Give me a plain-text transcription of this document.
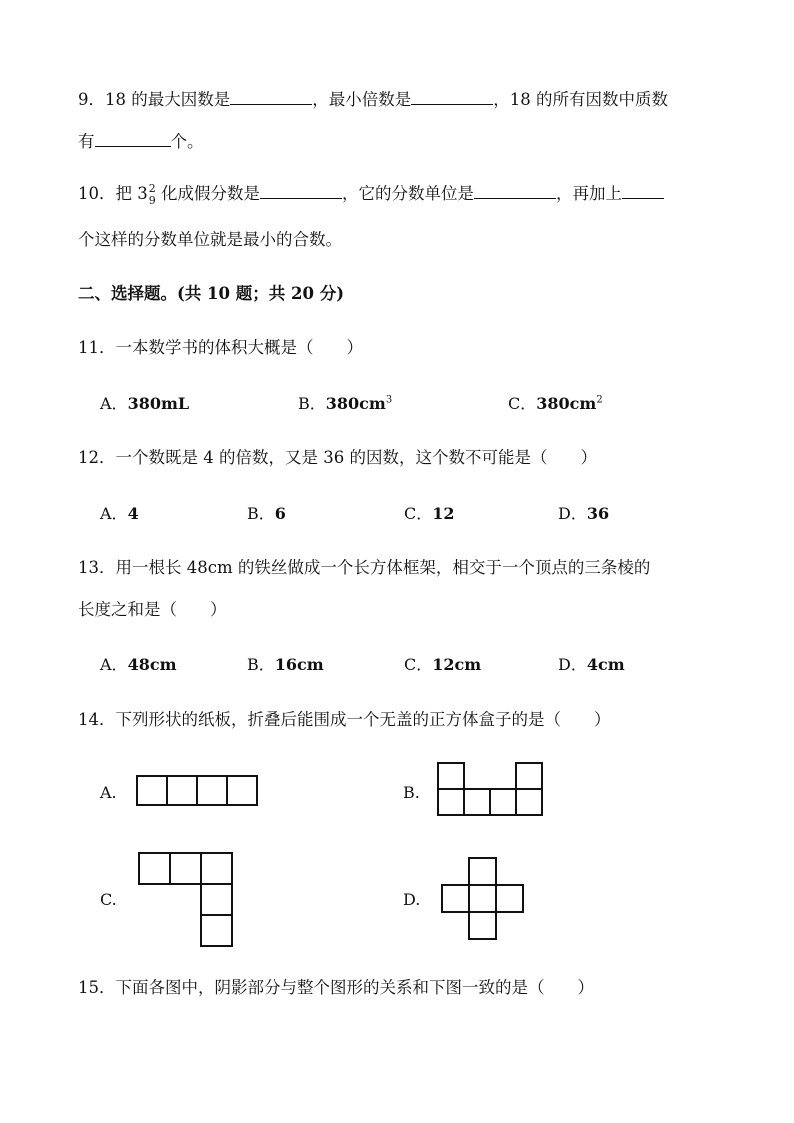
9．18 的最大因数是	，最小倍数是	，18 的所有因数中质数
有	个。
10．把 3 2
9 化成假分数是	，它的分数单位是	，再加上
个这样的分数单位就是最小的合数。
二、选择题。(共 10 题；共 20 分)
11．一本数学书的体积大概是（　　）
A．380mL	B．$380cm^3$	C．$380cm^2$
12．一个数既是 4 的倍数，又是 36 的因数，这个数不可能是（　　）
A．4	B．6	C．12	D．36
13．用一根长 48cm 的铁丝做成一个长方体框架，相交于一个顶点的三条棱的
长度之和是（　　）
A．48cm	B．16cm	C．12cm	D．4cm
14．下列形状的纸板，折叠后能围成一个无盖的正方体盒子的是（　　）
A.	B.
C.	D.
15．下面各图中，阴影部分与整个图形的关系和下图一致的是（　　）
